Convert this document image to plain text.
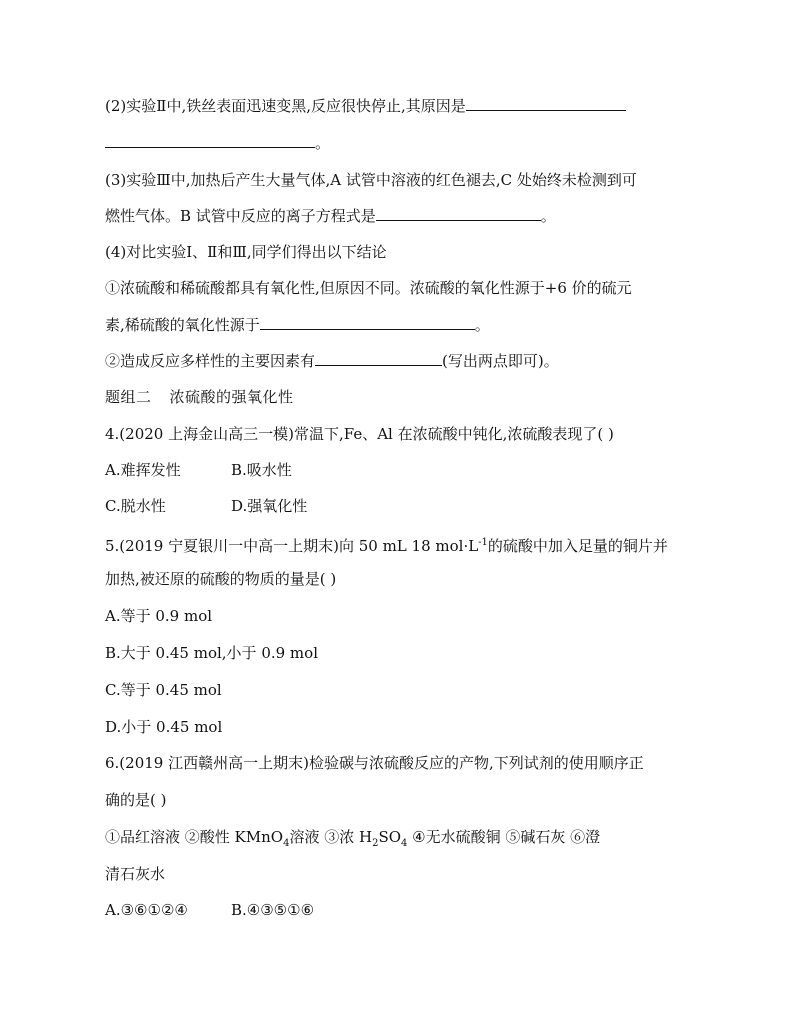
(2)实验Ⅱ中,铁丝表面迅速变黑,反应很快停止,其原因是
。
(3)实验Ⅲ中,加热后产生大量气体,A 试管中溶液的红色褪去,C 处始终未检测到可
燃性气体。B 试管中反应的离子方程式是	。
(4)对比实验Ⅰ、Ⅱ和Ⅲ,同学们得出以下结论
①浓硫酸和稀硫酸都具有氧化性,但原因不同。浓硫酸的氧化性源于+6 价的硫元
素,稀硫酸的氧化性源于	。
②造成反应多样性的主要因素有	(写出两点即可)。
题组二 浓硫酸的强氧化性
4.(2020 上海金山高三一模)常温下,Fe、Al 在浓硫酸中钝化,浓硫酸表现了( )
A.难挥发性	B.吸水性
C.脱水性	D.强氧化性
5.(2019 宁夏银川一中高一上期末)向 50 mL 18 $mol\cdot L^{-1}$的硫酸中加入足量的铜片并
加热,被还原的硫酸的物质的量是( )
A.等于 0.9 mol
B.大于 0.45 mol,小于 0.9 mol
C.等于 0.45 mol
D.小于 0.45 mol
6.(2019 江西赣州高一上期末)检验碳与浓硫酸反应的产物,下列试剂的使用顺序正
确的是( )
①品红溶液 ②酸性 KMnO$_4$溶液 ③浓 $H_2SO_4$ ④无水硫酸铜 ⑤碱石灰 ⑥澄
清石灰水
A.③⑥①②④	B.④③⑤①⑥
